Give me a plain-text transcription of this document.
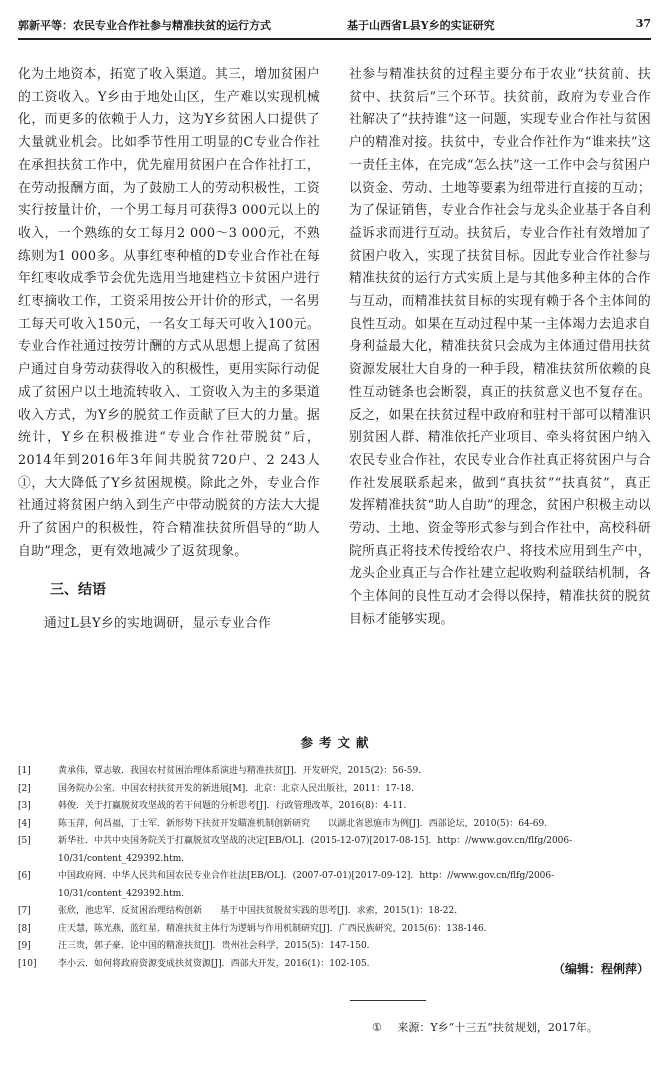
郭新平等：农民专业合作社参与精准扶贫的运行方式	基于山西省L县Y乡的实证研究	37

化为土地资本，拓宽了收入渠道。其三，增加贫困户的工资收入。Y乡由于地处山区，生产难以实现机械化，而更多的依赖于人力，这为Y乡贫困人口提供了大量就业机会。比如季节性用工明显的C专业合作社在承担扶贫工作中，优先雇用贫困户在合作社打工，在劳动报酬方面，为了鼓励工人的劳动积极性，工资实行按量计价，一个男工每月可获得3 000元以上的收入，一个熟练的女工每月2 000～3 000元，不熟练则为1 000多。从事红枣种植的D专业合作社在每年红枣收成季节会优先选用当地建档立卡贫困户进行红枣摘收工作，工资采用按公开计价的形式，一名男工每天可收入150元，一名女工每天可收入100元。专业合作社通过按劳计酬的方式从思想上提高了贫困户通过自身劳动获得收入的积极性，更用实际行动促成了贫困户以土地流转收入、工资收入为主的多渠道收入方式，为Y乡的脱贫工作贡献了巨大的力量。据统计，Y乡在积极推进“专业合作社带脱贫”后，2014年到2016年3年间共脱贫720户、2 243人①，大大降低了Y乡贫困规模。除此之外，专业合作社通过将贫困户纳入到生产中带动脱贫的方法大大提升了贫困户的积极性，符合精准扶贫所倡导的“助人自助”理念，更有效地减少了返贫现象。

三、结语

通过L县Y乡的实地调研，显示专业合作

社参与精准扶贫的过程主要分布于农业“扶贫前、扶贫中、扶贫后”三个环节。扶贫前，政府为专业合作社解决了“扶持谁”这一问题，实现专业合作社与贫困户的精准对接。扶贫中，专业合作社作为“谁来扶”这一责任主体，在完成“怎么扶”这一工作中会与贫困户以资金、劳动、土地等要素为纽带进行直接的互动；为了保证销售，专业合作社会与龙头企业基于各自利益诉求而进行互动。扶贫后，专业合作社有效增加了贫困户收入，实现了扶贫目标。因此专业合作社参与精准扶贫的运行方式实质上是与其他多种主体的合作与互动，而精准扶贫目标的实现有赖于各个主体间的良性互动。如果在互动过程中某一主体竭力去追求自身利益最大化，精准扶贫只会成为主体通过借用扶贫资源发展壮大自身的一种手段，精准扶贫所依赖的良性互动链条也会断裂，真正的扶贫意义也不复存在。反之，如果在扶贫过程中政府和驻村干部可以精准识别贫困人群、精准依托产业项目、牵头将贫困户纳入农民专业合作社，农民专业合作社真正将贫困户与合作社发展联系起来，做到“真扶贫”“扶真贫”，真正发挥精准扶贫“助人自助”的理念，贫困户积极主动以劳动、土地、资金等形式参与到合作社中，高校科研院所真正将技术传授给农户、将技术应用到生产中，龙头企业真正与合作社建立起收购利益联结机制，各个主体间的良性互动才会得以保持，精准扶贫的脱贫目标才能够实现。

参考文献
[1]	黄承伟，覃志敏．我国农村贫困治理体系演进与精准扶贫[J]．开发研究，2015(2)：56-59.
[2]	国务院办公室．中国农村扶贫开发的新进展[M]．北京：北京人民出版社，2011：17-18.
[3]	韩俊．关于打赢脱贫攻坚战的若干问题的分析思考[J]．行政管理改革，2016(8)：4-11.
[4]	陈玉萍，何昌福，丁士军．新形势下扶贫开发瞄准机制创新研究　　以湖北省恩施市为例[J]．西部论坛，2010(5)：64-69.
[5]	新华社．中共中央国务院关于打赢脱贫攻坚战的决定[EB/OL]．(2015-12-07)[2017-08-15]．http：//www.gov.cn/flfg/2006-10/31/content_429392.htm.
[6]	中国政府网．中华人民共和国农民专业合作社法[EB/OL]．(2007-07-01)[2017-09-12]．http：//www.gov.cn/flfg/2006-10/31/content_429392.htm.
[7]	张欣，池忠军．反贫困治理结构创新　　基于中国扶贫脱贫实践的思考[J]．求索，2015(1)：18-22.
[8]	庄天慧，陈光燕，蓝红星．精准扶贫主体行为逻辑与作用机制研究[J]．广西民族研究，2015(6)：138-146.
[9]	汪三贵，郭子豪．论中国的精准扶贫[J]．贵州社会科学，2015(5)：147-150.
[10] 李小云．如何将政府资源变成扶贫资源[J]．西部大开发，2016(1)：102-105.	（编辑：程俐萍）
① 来源：Y乡“十三五”扶贫规划，2017年。
